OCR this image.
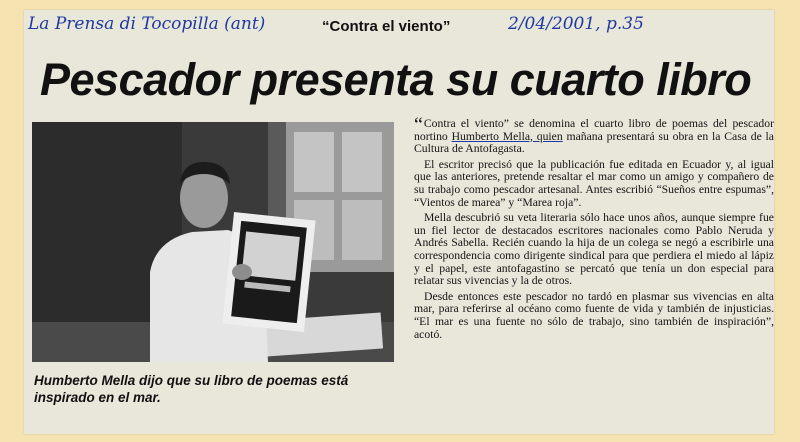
La Prensa di Tocopilla (ant)	“Contra el viento”	2/04/2001, p.35
Pescador presenta su cuarto libro
Humberto Mella dijo que su libro de poemas está inspirado en el mar.

“Contra el viento” se denomina el cuarto libro de poemas del pescador nortino Humberto Mella, quien mañana presentará su obra en la Casa de la Cultura de Antofagasta.

El escritor precisó que la publicación fue editada en Ecuador y, al igual que las anteriores, pretende resaltar el mar como un amigo y compañero de su trabajo como pescador artesanal. Antes escribió “Sueños entre espumas”, “Vientos de marea” y “Marea roja”.

Mella descubrió su veta literaria sólo hace unos años, aunque siempre fue un fiel lector de destacados escritores nacionales como Pablo Neruda y Andrés Sabella. Recién cuando la hija de un colega se negó a escribirle una correspondencia como dirigente sindical para que perdiera el miedo al lápiz y el papel, este antofagastino se percató que tenía un don especial para relatar sus vivencias y la de otros.

Desde entonces este pescador no tardó en plasmar sus vivencias en alta mar, para referirse al océano como fuente de vida y también de injusticias. “El mar es una fuente no sólo de trabajo, sino también de inspiración”, acotó.
